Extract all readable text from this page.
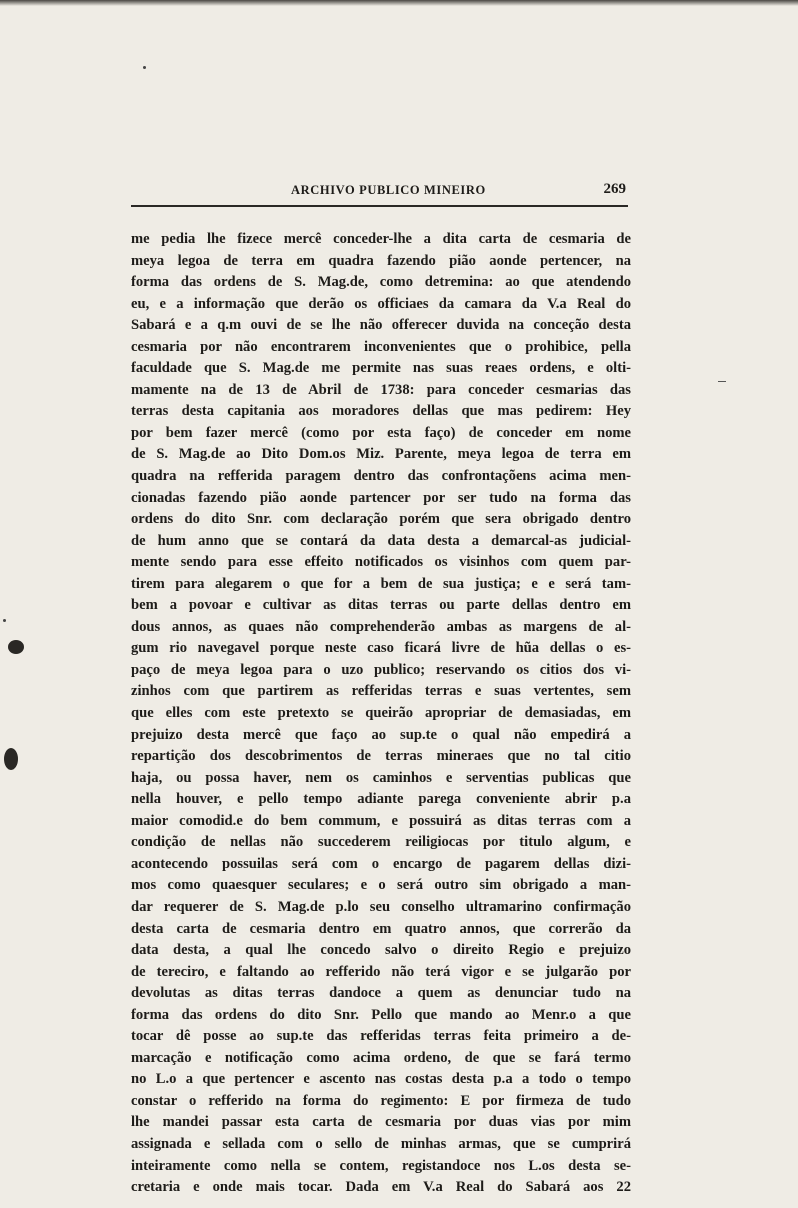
ARCHIVO PUBLICO MINEIRO	269
me pedia lhe fizece mercê conceder-lhe a dita carta de cesmaria de
meya legoa de terra em quadra fazendo pião aonde pertencer, na
forma das ordens de S. Mag.de, como detremina: ao que atendendo
eu, e a informação que derão os officiaes da camara da V.a Real do
Sabará e a q.m ouvi de se lhe não offerecer duvida na conceção desta
cesmaria por não encontrarem inconvenientes que o prohibice, pella
faculdade que S. Mag.de me permite nas suas reaes ordens, e olti-
mamente na de 13 de Abril de 1738: para conceder cesmarias das
terras desta capitania aos moradores dellas que mas pedirem: Hey
por bem fazer mercê (como por esta faço) de conceder em nome
de S. Mag.de ao Dito Dom.os Miz. Parente, meya legoa de terra em
quadra na refferida paragem dentro das confrontaçõens acima men-
cionadas fazendo pião aonde partencer por ser tudo na forma das
ordens do dito Snr. com declaração porém que sera obrigado dentro
de hum anno que se contará da data desta a demarcal-as judicial-
mente sendo para esse effeito notificados os visinhos com quem par-
tirem para alegarem o que for a bem de sua justiça; e e será tam-
bem a povoar e cultivar as ditas terras ou parte dellas dentro em
dous annos, as quaes não comprehenderão ambas as margens de al-
gum rio navegavel porque neste caso ficará livre de hũa dellas o es-
paço de meya legoa para o uzo publico; reservando os citios dos vi-
zinhos com que partirem as refferidas terras e suas vertentes, sem
que elles com este pretexto se queirão apropriar de demasiadas, em
prejuizo desta mercê que faço ao sup.te o qual não empedirá a
repartição dos descobrimentos de terras mineraes que no tal citio
haja, ou possa haver, nem os caminhos e serventias publicas que
nella houver, e pello tempo adiante parega conveniente abrir p.a
maior comodid.e do bem commum, e possuirá as ditas terras com a
condição de nellas não succederem reiligiocas por titulo algum, e
acontecendo possuilas será com o encargo de pagarem dellas dizi-
mos como quaesquer seculares; e o será outro sim obrigado a man-
dar requerer de S. Mag.de p.lo seu conselho ultramarino confirmação
desta carta de cesmaria dentro em quatro annos, que correrão da
data desta, a qual lhe concedo salvo o direito Regio e prejuizo
de tereciro, e faltando ao refferido não terá vigor e se julgarão por
devolutas as ditas terras dandoce a quem as denunciar tudo na
forma das ordens do dito Snr. Pello que mando ao Menr.o a que
tocar dê posse ao sup.te das refferidas terras feita primeiro a de-
marcação e notificação como acima ordeno, de que se fará termo
no L.o a que pertencer e ascento nas costas desta p.a a todo o tempo
constar o refferido na forma do regimento: E por firmeza de tudo
lhe mandei passar esta carta de cesmaria por duas vias por mim
assignada e sellada com o sello de minhas armas, que se cumprirá
inteiramente como nella se contem, registandoce nos L.os desta se-
cretaria e onde mais tocar. Dada em V.a Real do Sabará aos 22
